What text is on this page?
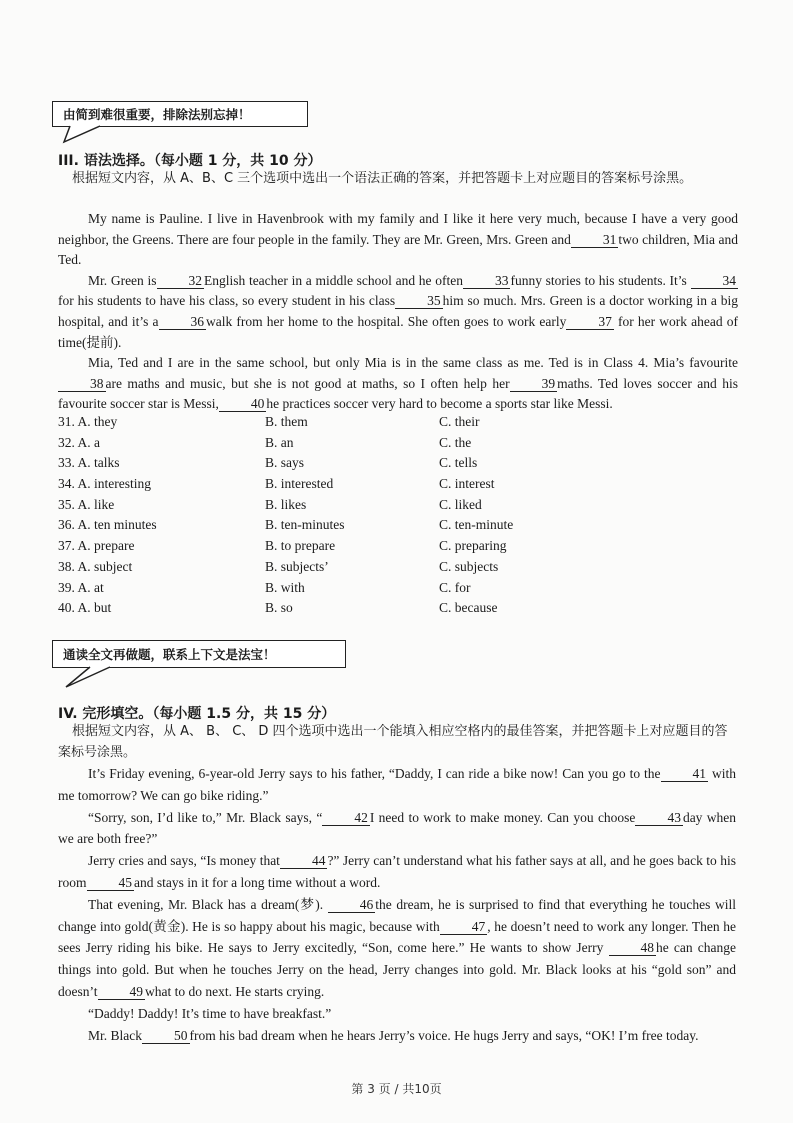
由简到难很重要，排除法别忘掉！
III. 语法选择。（每小题 1 分，共 10 分）
根据短文内容，从 A、B、C 三个选项中选出一个语法正确的答案，并把答题卡上对应题目的答案标号涂黑。

My name is Pauline. I live in Havenbrook with my family and I like it here very much, because I have a very good neighbor, the Greens. There are four people in the family. They are Mr. Green, Mrs. Green and 31 two children, Mia and Ted.

Mr. Green is 32 English teacher in a middle school and he often 33 funny stories to his students. It’s	34for his students to have his class, so every student in his class 35 him so much. Mrs. Green is a doctor working in a big hospital, and it’s a 36 walk from her home to the hospital. She often goes to work early 37 for her work ahead of time(提前).

Mia, Ted and I are in the same school, but only Mia is in the same class as me. Ted is in Class 4. Mia’s favourite 38 are maths and music, but she is not good at maths, so I often help her 39 maths. Ted loves soccer and his favourite soccer star is Messi, 40 he practices soccer very hard to become a sports star like Messi.

31. A. they	B. them	C. their
32. A. a	B. an	C. the
33. A. talks	B. says	C. tells
34. A. interesting	B. interested	C. interest
35. A. like	B. likes	C. liked
36. A. ten minutes	B. ten-minutes	C. ten-minute
37. A. prepare	B. to prepare	C. preparing
38. A. subject	B. subjects’	C. subjects
39. A. at	B. with	C. for
40. A. but	B. so	C. because
通读全文再做题，联系上下文是法宝！
IV. 完形填空。（每小题 1.5 分，共 15 分）
根据短文内容，从 A、 B、 C、 D 四个选项中选出一个能填入相应空格内的最佳答案，并把答题卡上对应题目的答案标号涂黑。

It’s Friday evening, 6-year-old Jerry says to his father, “Daddy, I can ride a bike now! Can you go to the 41 with me tomorrow? We can go bike riding.”

“Sorry, son, I’d like to,” Mr. Black says, “ 42 I need to work to make money. Can you choose 43 day when we are both free?”

Jerry cries and says, “Is money that 44 ?” Jerry can’t understand what his father says at all, and he goes back to his room 45 and stays in it for a long time without a word.

That evening, Mr. Black has a dream(梦).	46 the dream, he is surprised to find that everything he touches will change into gold(黄金). He is so happy about his magic, because with 47 , he doesn’t need to work any longer. Then he sees Jerry riding his bike. He says to Jerry excitedly, “Son, come here.” He wants to show Jerry	48 he can change things into gold. But when he touches Jerry on the head, Jerry changes into gold. Mr. Black looks at his “gold son” and doesn’t 49 what to do next. He starts crying.

“Daddy! Daddy! It’s time to have breakfast.”

Mr. Black 50 from his bad dream when he hears Jerry’s voice. He hugs Jerry and says, “OK! I’m free today.

第 3 页 / 共10页
